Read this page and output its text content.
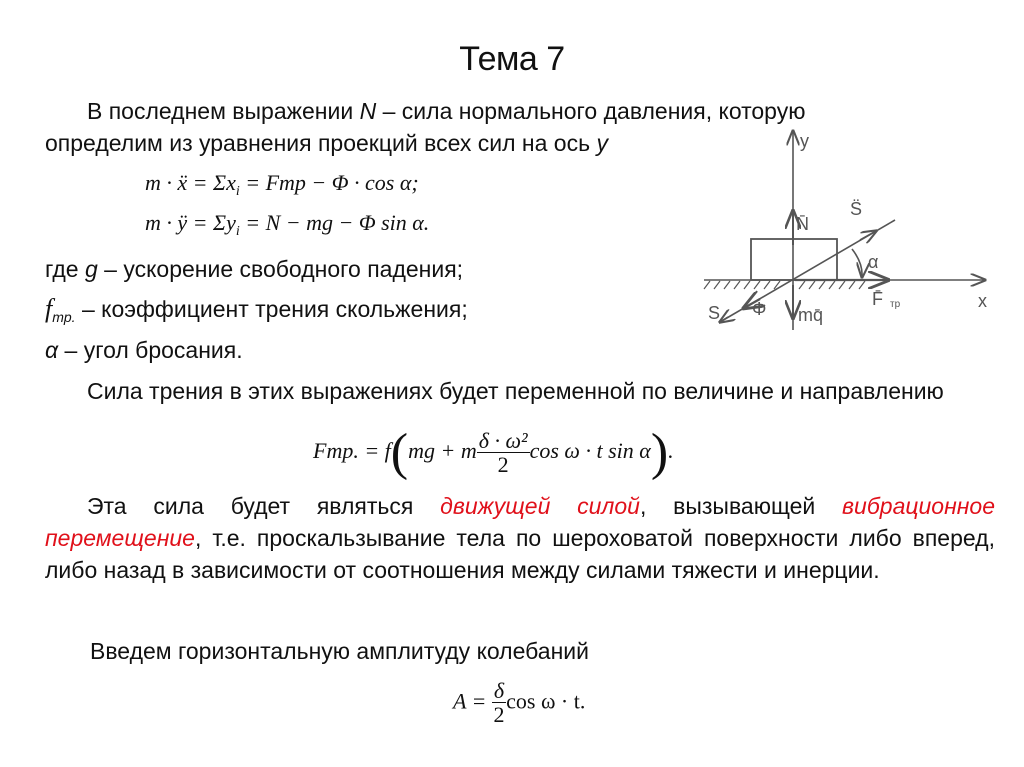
Тема 7
В последнем выражении N – сила нормального давления, которую
определим из уравнения проекций всех сил на ось y
m · ẍ = $\Sigma x_i$ = Fmp − Φ · cos α;
m · ÿ = $\Sigma y_i = N$ − mg − Φ sin α.
где g – ускорение свободного падения;
$f_{mp.}$ – коэффициент трения скольжения;
α – угол бросания.
Сила трения в этих выражениях будет переменной по величине и направлению
Fmp. = f(mg + m $\frac{\text{δ · ω²}}{2}$ cos ω · t sin α).
Эта сила будет являться движущей силой, вызывающей вибрационное перемещение, т.е. проскальзывание тела по шероховатой поверхности либо вперед, либо назад в зависимости от соотношения между силами тяжести и инерции.
Введем горизонтальную амплитуду колебаний
$A = \frac{\delta}{2}$ cos ω · t.
y
x
N̄
S̈
α
F̄ тр
Φ mq̄
S
